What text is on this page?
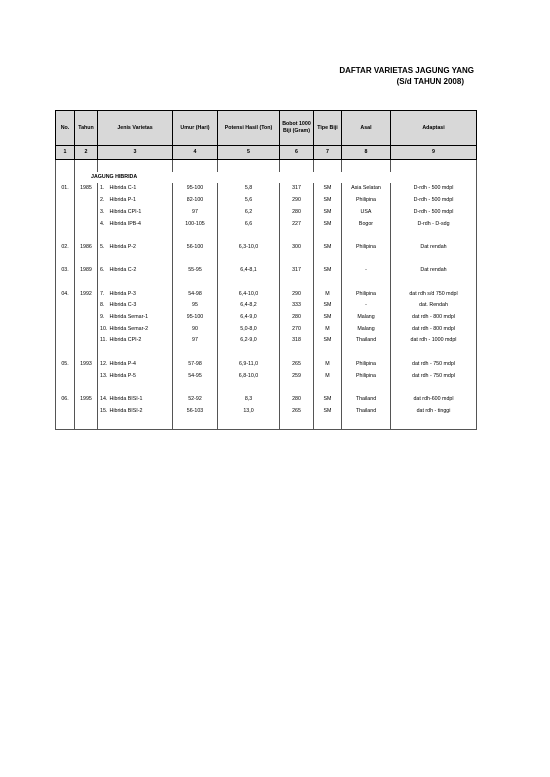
DAFTAR VARIETAS JAGUNG YANG
(S/d TAHUN 2008)
No.	Tahun	Jenis Varietas		Umur (Hari)	Potensi Hasil (Ton)	Bobot 1000 Biji (Gram)	Tipe Biji	Asal	Adaptasi
1	2	3		4	5	6	7	8	9

	JAGUNG HIBRIDA								
01.	1985	1.	Hibrida C-1	95-100	5,8	317	SM	Asia Selatan	D-rdh - 500 mdpl
		2.	Hibrida P-1	82-100	5,6	290	SM	Philipina	D-rdh - 500 mdpl
		3.	Hibrida CPI-1	97	6,2	280	SM	USA	D-rdh - 500 mdpl
		4.	Hibrida IPB-4	100-105	6,6	227	SM	Bogor	D-rdh - D-sdg

02.	1986	5.	Hibrida P-2	56-100	6,3-10,0	300	SM	Philipina	Dat rendah

03.	1989	6.	Hibrida C-2	55-95	6,4-8,1	317	SM	-	Dat rendah

04.	1992	7.	Hibrida P-3	54-98	6,4-10,0	290	M	Philipina	dat rdh s/d 750 mdpl
		8.	Hibrida C-3	95	6,4-8,2	333	SM	-	dat. Rendah
		9.	Hibrida Semar-1	95-100	6,4-9,0	280	SM	Malang	dat rdh - 800 mdpl
		10.	Hibrida Semar-2	90	5,0-8,0	270	M	Malang	dat rdh - 800 mdpl
		11.	Hibrida CPI-2	97	6,2-9,0	318	SM	Thailand	dat rdh - 1000 mdpl

05.	1993	12.	Hibrida P-4	57-98	6,9-11,0	265	M	Philipina	dat rdh - 750 mdpl
		13.	Hibrida P-5	54-95	6,8-10,0	259	M	Philipina	dat rdh - 750 mdpl

06.	1995	14.	Hibrida BISI-1	52-92	8,3	280	SM	Thailand	dat rdh-600 mdpl
		15.	Hibrida BISI-2	56-103	13,0	265	SM	Thailand	dat rdh - tinggi
